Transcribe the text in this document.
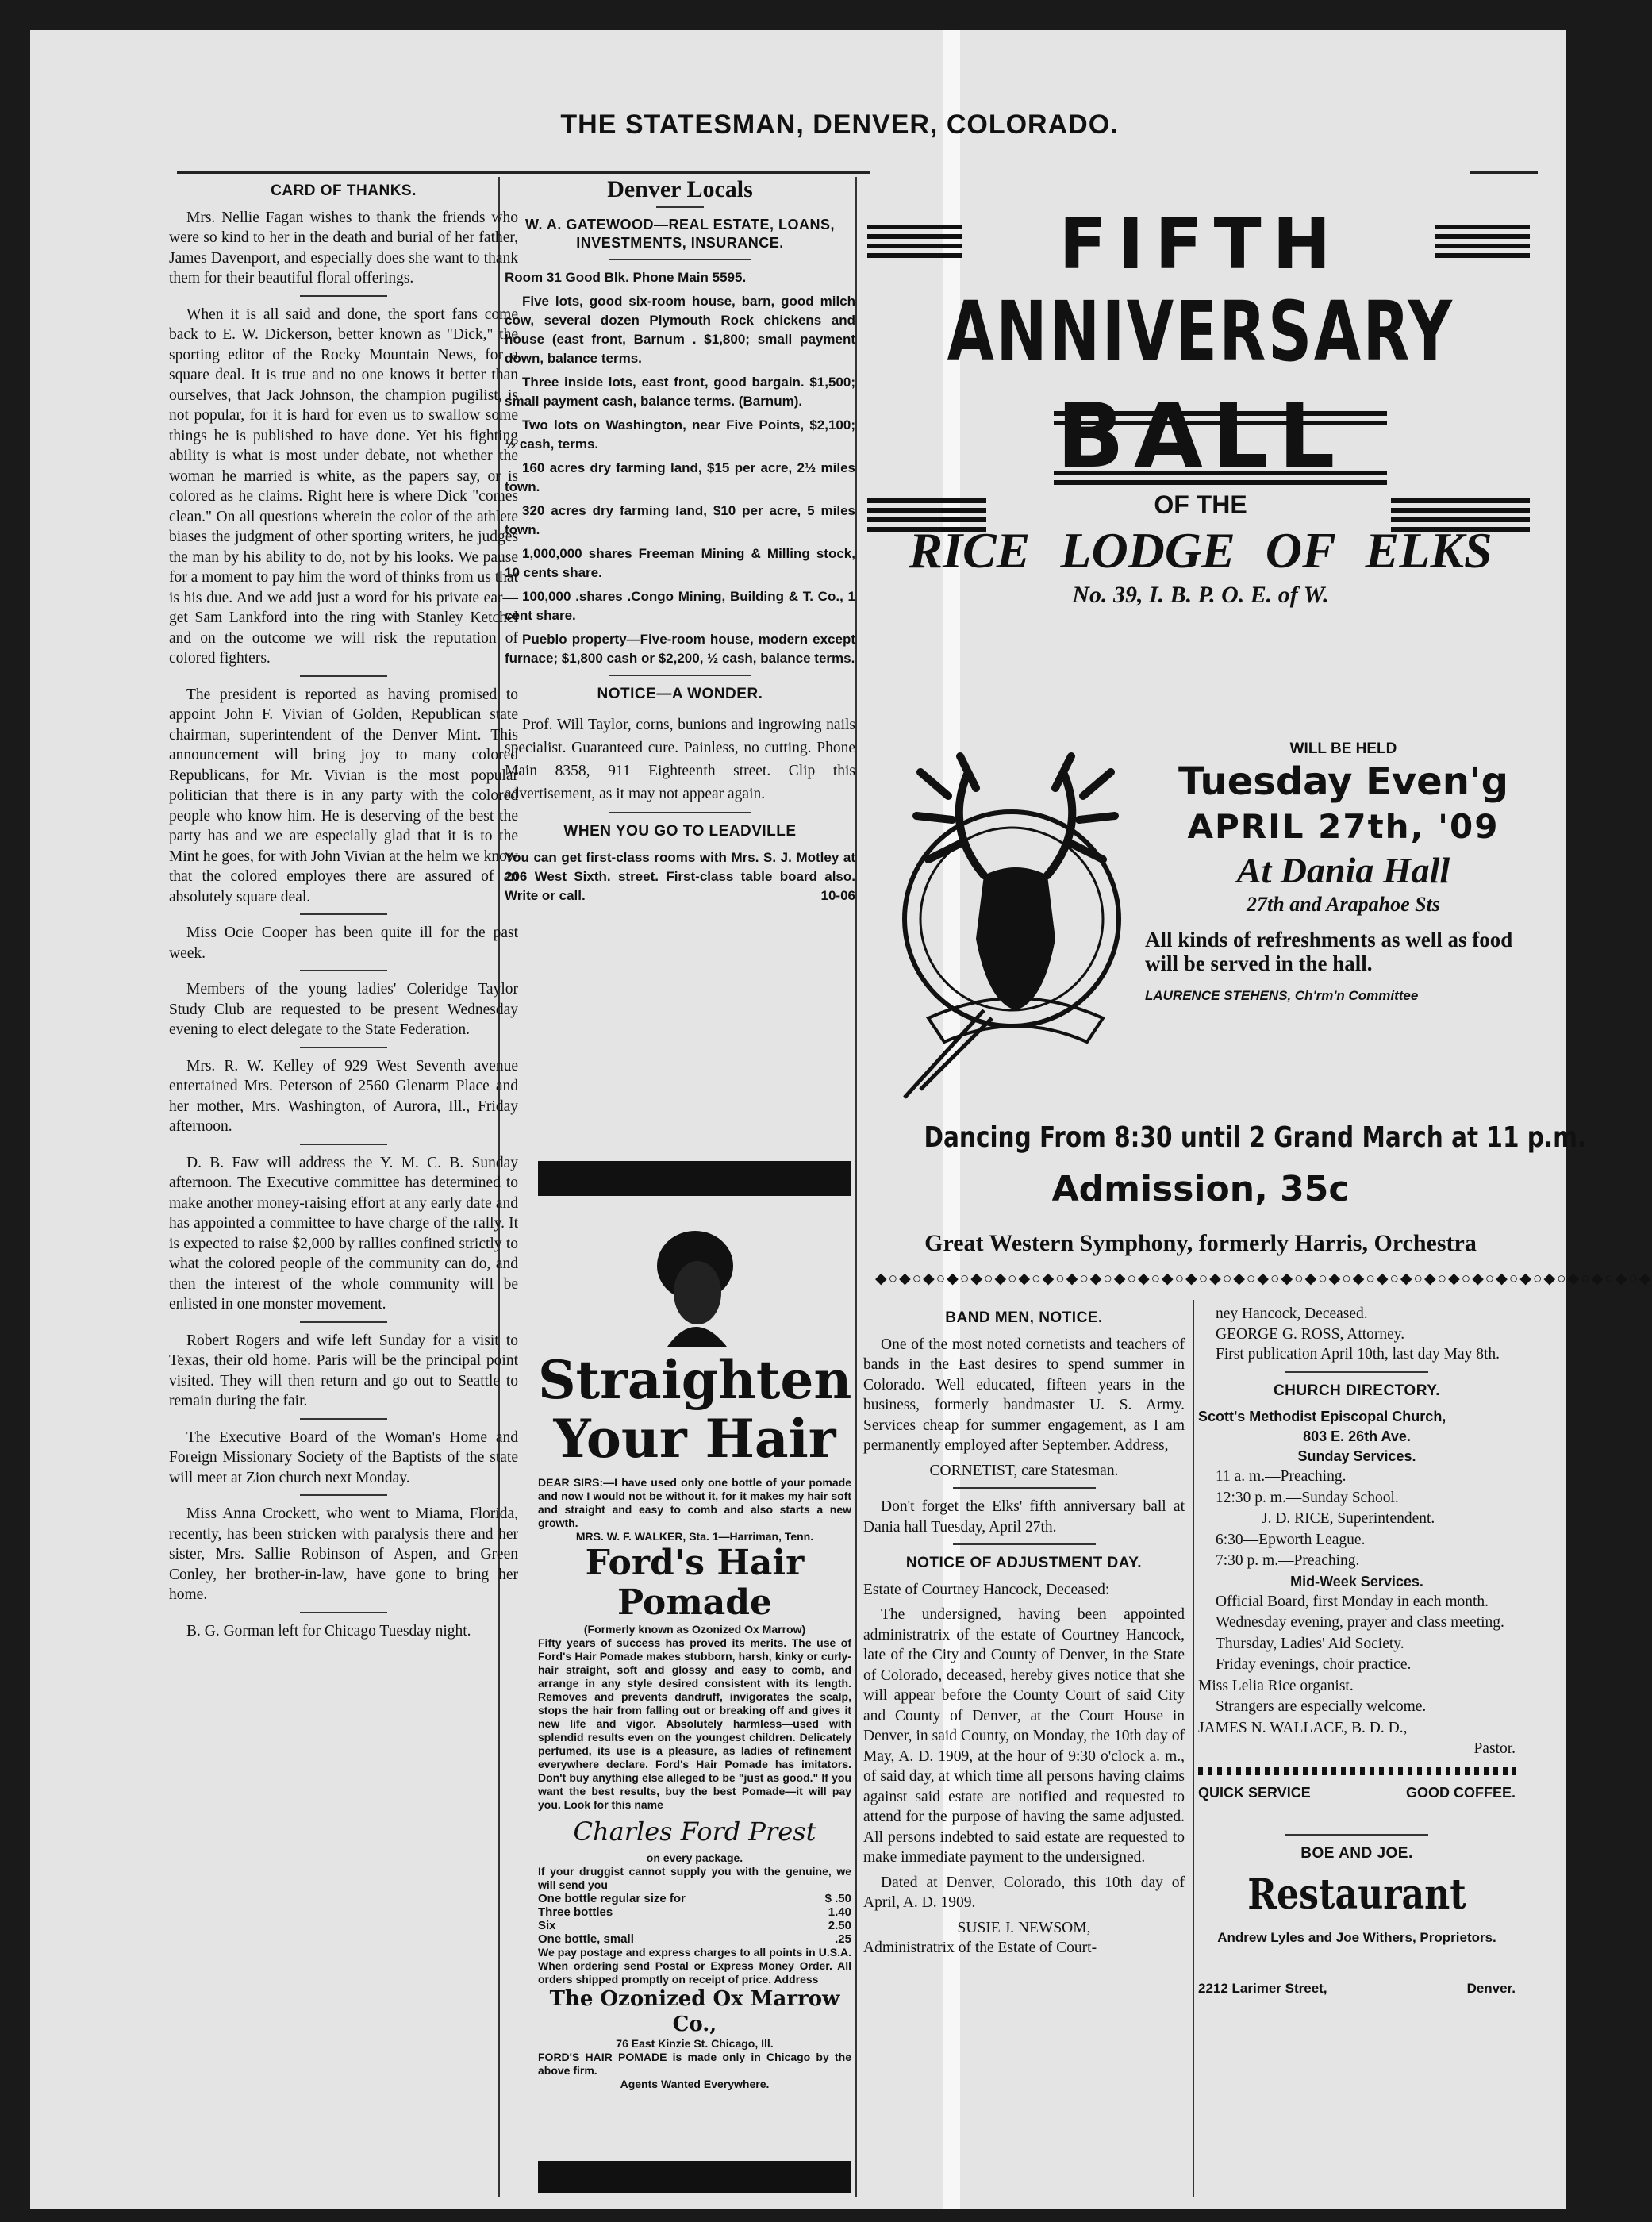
THE STATESMAN, DENVER, COLORADO.
CARD OF THANKS.

Mrs. Nellie Fagan wishes to thank the friends who were so kind to her in the death and burial of her father, James Davenport, and especially does she want to thank them for their beautiful floral offerings.

When it is all said and done, the sport fans come back to E. W. Dickerson, better known as "Dick," the sporting editor of the Rocky Mountain News, for a square deal. It is true and no one knows it better than ourselves, that Jack Johnson, the champion pugilist, is not popular, for it is hard for even us to swallow some things he is published to have done. Yet his fighting ability is what is most under debate, not whether the woman he married is white, as the papers say, or is colored as he claims. Right here is where Dick "comes clean." On all questions wherein the color of the athlete biases the judgment of other sporting writers, he judges the man by his ability to do, not by his looks. We pause for a moment to pay him the word of thinks from us that is his due. And we add just a word for his private ear—get Sam Lankford into the ring with Stanley Ketchel and on the outcome we will risk the reputation of colored fighters.

The president is reported as having promised to appoint John F. Vivian of Golden, Republican state chairman, superintendent of the Denver Mint. This announcement will bring joy to many colored Republicans, for Mr. Vivian is the most popular politician that there is in any party with the colored people who know him. He is deserving of the best the party has and we are especially glad that it is to the Mint he goes, for with John Vivian at the helm we know that the colored employes there are assured of an absolutely square deal.

Miss Ocie Cooper has been quite ill for the past week.

Members of the young ladies' Coleridge Taylor Study Club are requested to be present Wednesday evening to elect delegate to the State Federation.

Mrs. R. W. Kelley of 929 West Seventh avenue entertained Mrs. Peterson of 2560 Glenarm Place and her mother, Mrs. Washington, of Aurora, Ill., Friday afternoon.

D. B. Faw will address the Y. M. C. B. Sunday afternoon. The Executive committee has determined to make another money-raising effort at any early date and has appointed a committee to have charge of the rally. It is expected to raise $2,000 by rallies confined strictly to what the colored people of the community can do, and then the interest of the whole community will be enlisted in one monster movement.

Robert Rogers and wife left Sunday for a visit to Texas, their old home. Paris will be the principal point visited. They will then return and go out to Seattle to remain during the fair.

The Executive Board of the Woman's Home and Foreign Missionary Society of the Baptists of the state will meet at Zion church next Monday.

Miss Anna Crockett, who went to Miama, Florida, recently, has been stricken with paralysis there and her sister, Mrs. Sallie Robinson of Aspen, and Green Conley, her brother-in-law, have gone to bring her home.

B. G. Gorman left for Chicago Tuesday night.

Denver Locals
W. A. GATEWOOD—REAL ESTATE, LOANS, INVESTMENTS, INSURANCE.

Room 31 Good Blk. Phone Main 5595.

Five lots, good six-room house, barn, good milch cow, several dozen Plymouth Rock chickens and house (east front, Barnum . $1,800; small payment down, balance terms.

Three inside lots, east front, good bargain. $1,500; small payment cash, balance terms. (Barnum).

Two lots on Washington, near Five Points, $2,100; ½ cash, terms.

160 acres dry farming land, $15 per acre, 2½ miles town.

320 acres dry farming land, $10 per acre, 5 miles town.

1,000,000 shares Freeman Mining & Milling stock, 10 cents share.

100,000 .shares .Congo Mining, Building & T. Co., 1 cent share.

Pueblo property—Five-room house, modern except furnace; $1,800 cash or $2,200, ½ cash, balance terms.

NOTICE—A WONDER.

Prof. Will Taylor, corns, bunions and ingrowing nails specialist. Guaranteed cure. Painless, no cutting. Phone Main 8358, 911 Eighteenth street. Clip this advertisement, as it may not appear again.

WHEN YOU GO TO LEADVILLE

You can get first-class rooms with Mrs. S. J. Motley at 206 West Sixth. street. First-class table board also. Write or call.	10-06

Straighten
Your Hair
DEAR SIRS:—I have used only one bottle of your pomade and now I would not be without it, for it makes my hair soft and straight and easy to comb and also starts a new growth.
MRS. W. F. WALKER, Sta. 1—Harriman, Tenn.
Ford's Hair
Pomade
(Formerly known as Ozonized Ox Marrow)
Fifty years of success has proved its merits. The use of Ford's Hair Pomade makes stubborn, harsh, kinky or curly-hair straight, soft and glossy and easy to comb, and arrange in any style desired consistent with its length. Removes and prevents dandruff, invigorates the scalp, stops the hair from falling out or breaking off and gives it new life and vigor. Absolutely harmless—used with splendid results even on the youngest children. Delicately perfumed, its use is a pleasure, as ladies of refinement everywhere declare. Ford's Hair Pomade has imitators. Don't buy anything else alleged to be "just as good." If you want the best results, buy the best Pomade—it will pay you. Look for this name
Charles Ford Prest
on every package.
If your druggist cannot supply you with the genuine, we will send you
One bottle regular size for	$ .50
Three bottles	1.40
Six	2.50
One bottle, small	.25
We pay postage and express charges to all points in U.S.A. When ordering send Postal or Express Money Order. All orders shipped promptly on receipt of price. Address
The Ozonized Ox Marrow Co.,
76 East Kinzie St. Chicago, Ill.
FORD'S HAIR POMADE is made only in Chicago by the above firm.
Agents Wanted Everywhere.
FIFTH
ANNIVERSARY
BALL
OF THE
RICE LODGE OF ELKS
No. 39, I. B. P. O. E. of W.
WILL BE HELD
Tuesday Even'g
APRIL 27th, '09
At Dania Hall
27th and Arapahoe Sts
All kinds of refreshments as well as food will be served in the hall.
LAURENCE STEHENS, Ch'rm'n Committee
Dancing From 8:30 until 2 Grand March at 11 p.m.
Admission, 35c
Great Western Symphony, formerly Harris, Orchestra
◆○◆○◆○◆○◆○◆○◆○◆○◆○◆○◆○◆○◆○◆○◆○◆○◆○◆○◆○◆○◆○◆○◆○◆○◆○◆○◆○◆○◆○◆○◆○◆○◆
BAND MEN, NOTICE.

One of the most noted cornetists and teachers of bands in the East desires to spend summer in Colorado. Well educated, fifteen years in the business, formerly bandmaster U. S. Army. Services cheap for summer engagement, as I am permanently employed after September. Address,

CORNETIST, care Statesman.

Don't forget the Elks' fifth anniversary ball at Dania hall Tuesday, April 27th.

NOTICE OF ADJUSTMENT DAY.

Estate of Courtney Hancock, Deceased:

The undersigned, having been appointed administratrix of the estate of Courtney Hancock, late of the City and County of Denver, in the State of Colorado, deceased, hereby gives notice that she will appear before the County Court of said City and County of Denver, at the Court House in Denver, in said County, on Monday, the 10th day of May, A. D. 1909, at the hour of 9:30 o'clock a. m., of said day, at which time all persons having claims against said estate are notified and requested to attend for the purpose of having the same adjusted. All persons indebted to said estate are requested to make immediate payment to the undersigned.

Dated at Denver, Colorado, this 10th day of April, A. D. 1909.

SUSIE J. NEWSOM,

Administratrix of the Estate of Court-

ney Hancock, Deceased.

GEORGE G. ROSS, Attorney.

First publication April 10th, last day May 8th.

CHURCH DIRECTORY.

Scott's Methodist Episcopal Church,

803 E. 26th Ave.

Sunday Services.

11 a. m.—Preaching.

12:30 p. m.—Sunday School.

J. D. RICE, Superintendent.

6:30—Epworth League.

7:30 p. m.—Preaching.

Mid-Week Services.

Official Board, first Monday in each month.

Wednesday evening, prayer and class meeting.

Thursday, Ladies' Aid Society.

Friday evenings, choir practice.

Miss Lelia Rice organist.

Strangers are especially welcome.

JAMES N. WALLACE, B. D. D.,

Pastor.

QUICK SERVICE	GOOD COFFEE.
BOE AND JOE.
Restaurant

Andrew Lyles and Joe Withers, Proprietors.

2212 Larimer Street,	Denver.
